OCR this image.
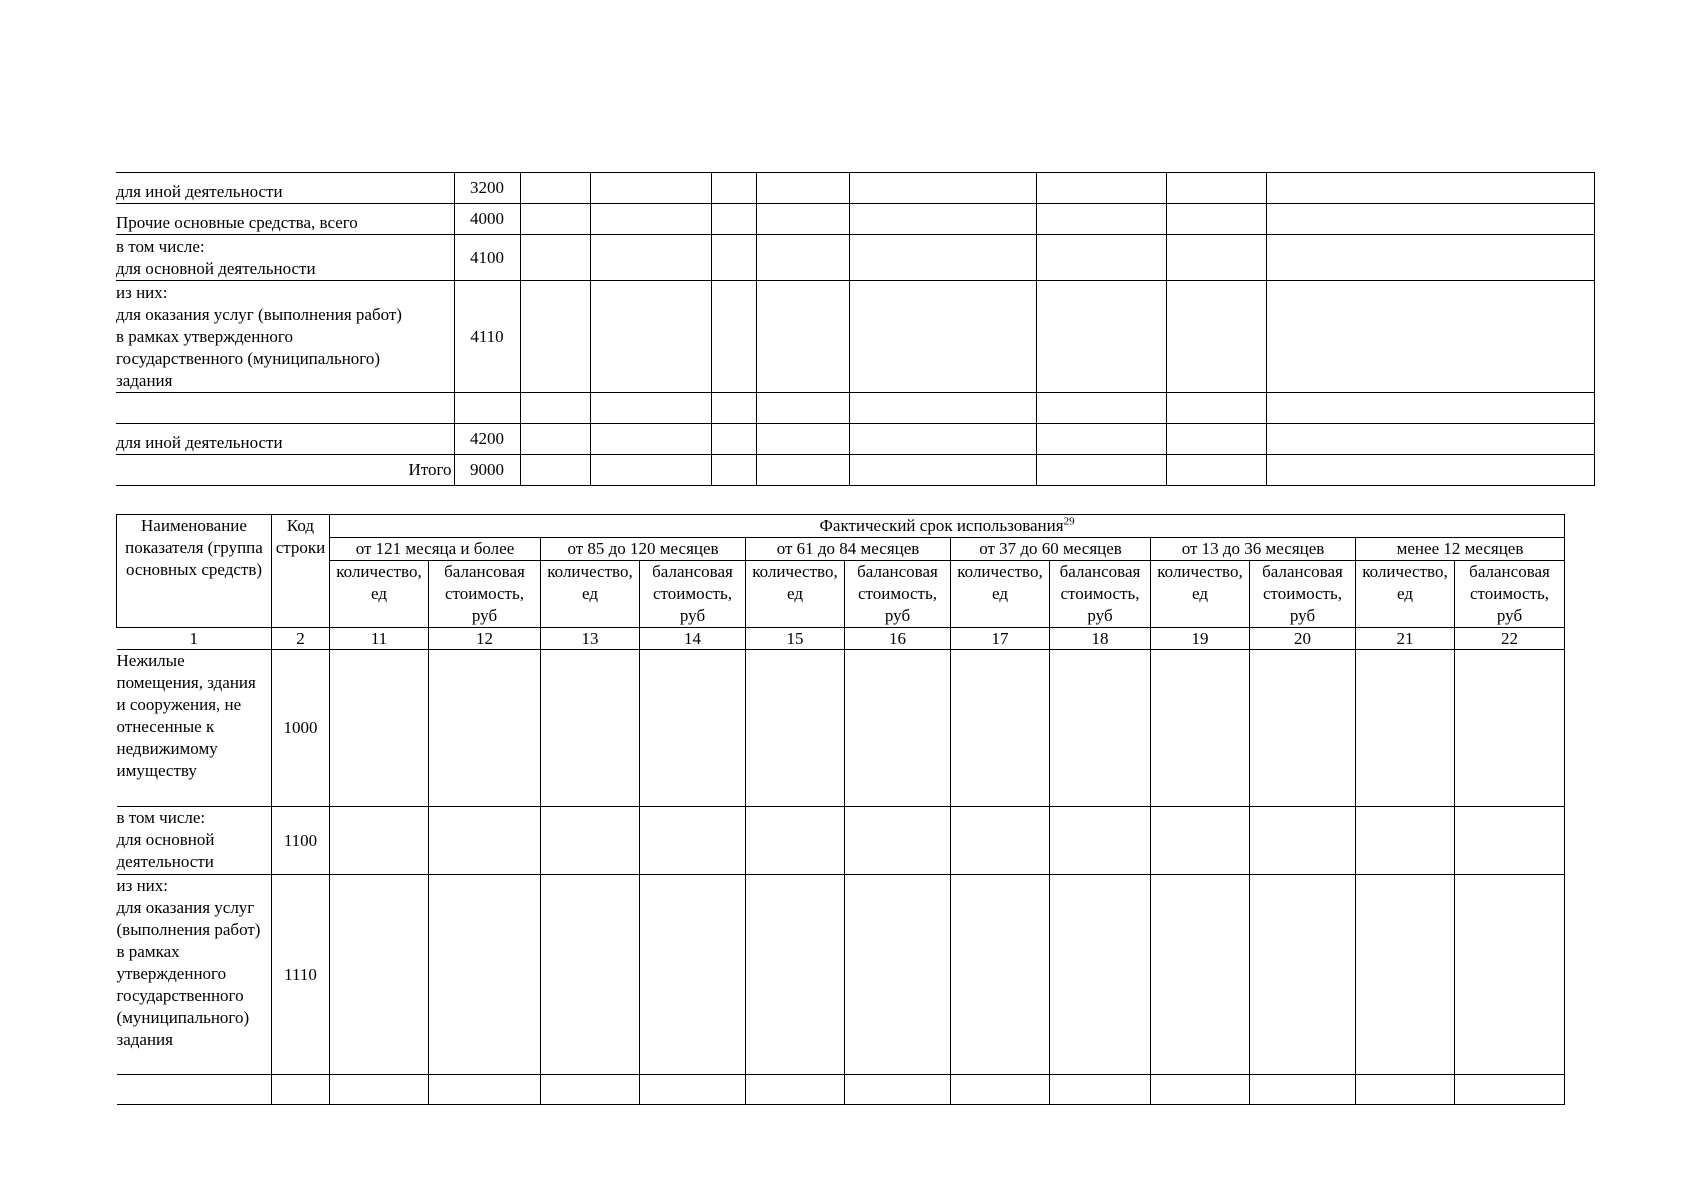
для иной деятельности	3200								
Прочие основные средства, всего	4000								
в том числе:
для основной деятельности	4100								
из них:
для оказания услуг (выполнения работ)
в рамках утвержденного
государственного (муниципального)
задания	4110								

для иной деятельности	4200								
Итого	9000								
Наименование показателя (группа основных средств)	Код строки	Фактический срок использования$^{29}$
		от 121 месяца и более		от 85 до 120 месяцев		от 61 до 84 месяцев		от 37 до 60 месяцев		от 13 до 36 месяцев		менее 12 месяцев	
		количество, ед	балансовая стоимость, руб	количество, ед	балансовая стоимость, руб	количество, ед	балансовая стоимость, руб	количество, ед	балансовая стоимость, руб	количество, ед	балансовая стоимость, руб	количество, ед	балансовая стоимость, руб
1	2	11	12	13	14	15	16	17	18	19	20	21	22
Нежилые помещения, здания и сооружения, не отнесенные к недвижимому имуществу	1000												
в том числе:
для основной деятельности	1100												
из них:
для оказания услуг (выполнения работ) в рамках утвержденного государственного (муниципального) задания	1110												
